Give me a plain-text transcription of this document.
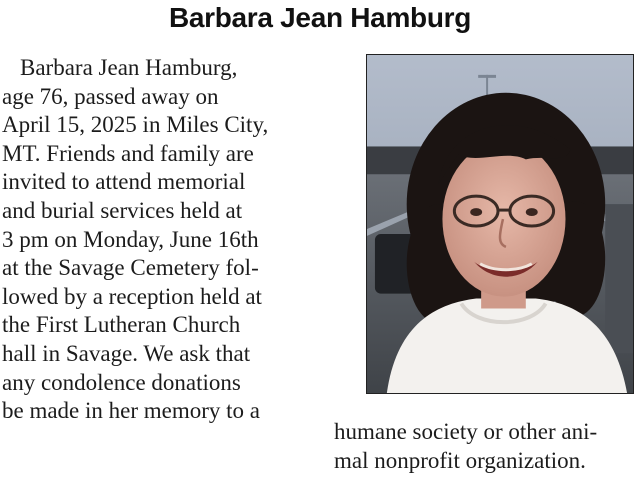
Barbara Jean Hamburg
Barbara Jean Hamburg,
age 76, passed away on
April 15, 2025 in Miles City,
MT. Friends and family are
invited to attend memorial
and burial services held at
3 pm on Monday, June 16th
at the Savage Cemetery fol-
lowed by a reception held at
the First Lutheran Church
hall in Savage. We ask that
any condolence donations
be made in her memory to a
humane society or other ani-
mal nonprofit organization.
